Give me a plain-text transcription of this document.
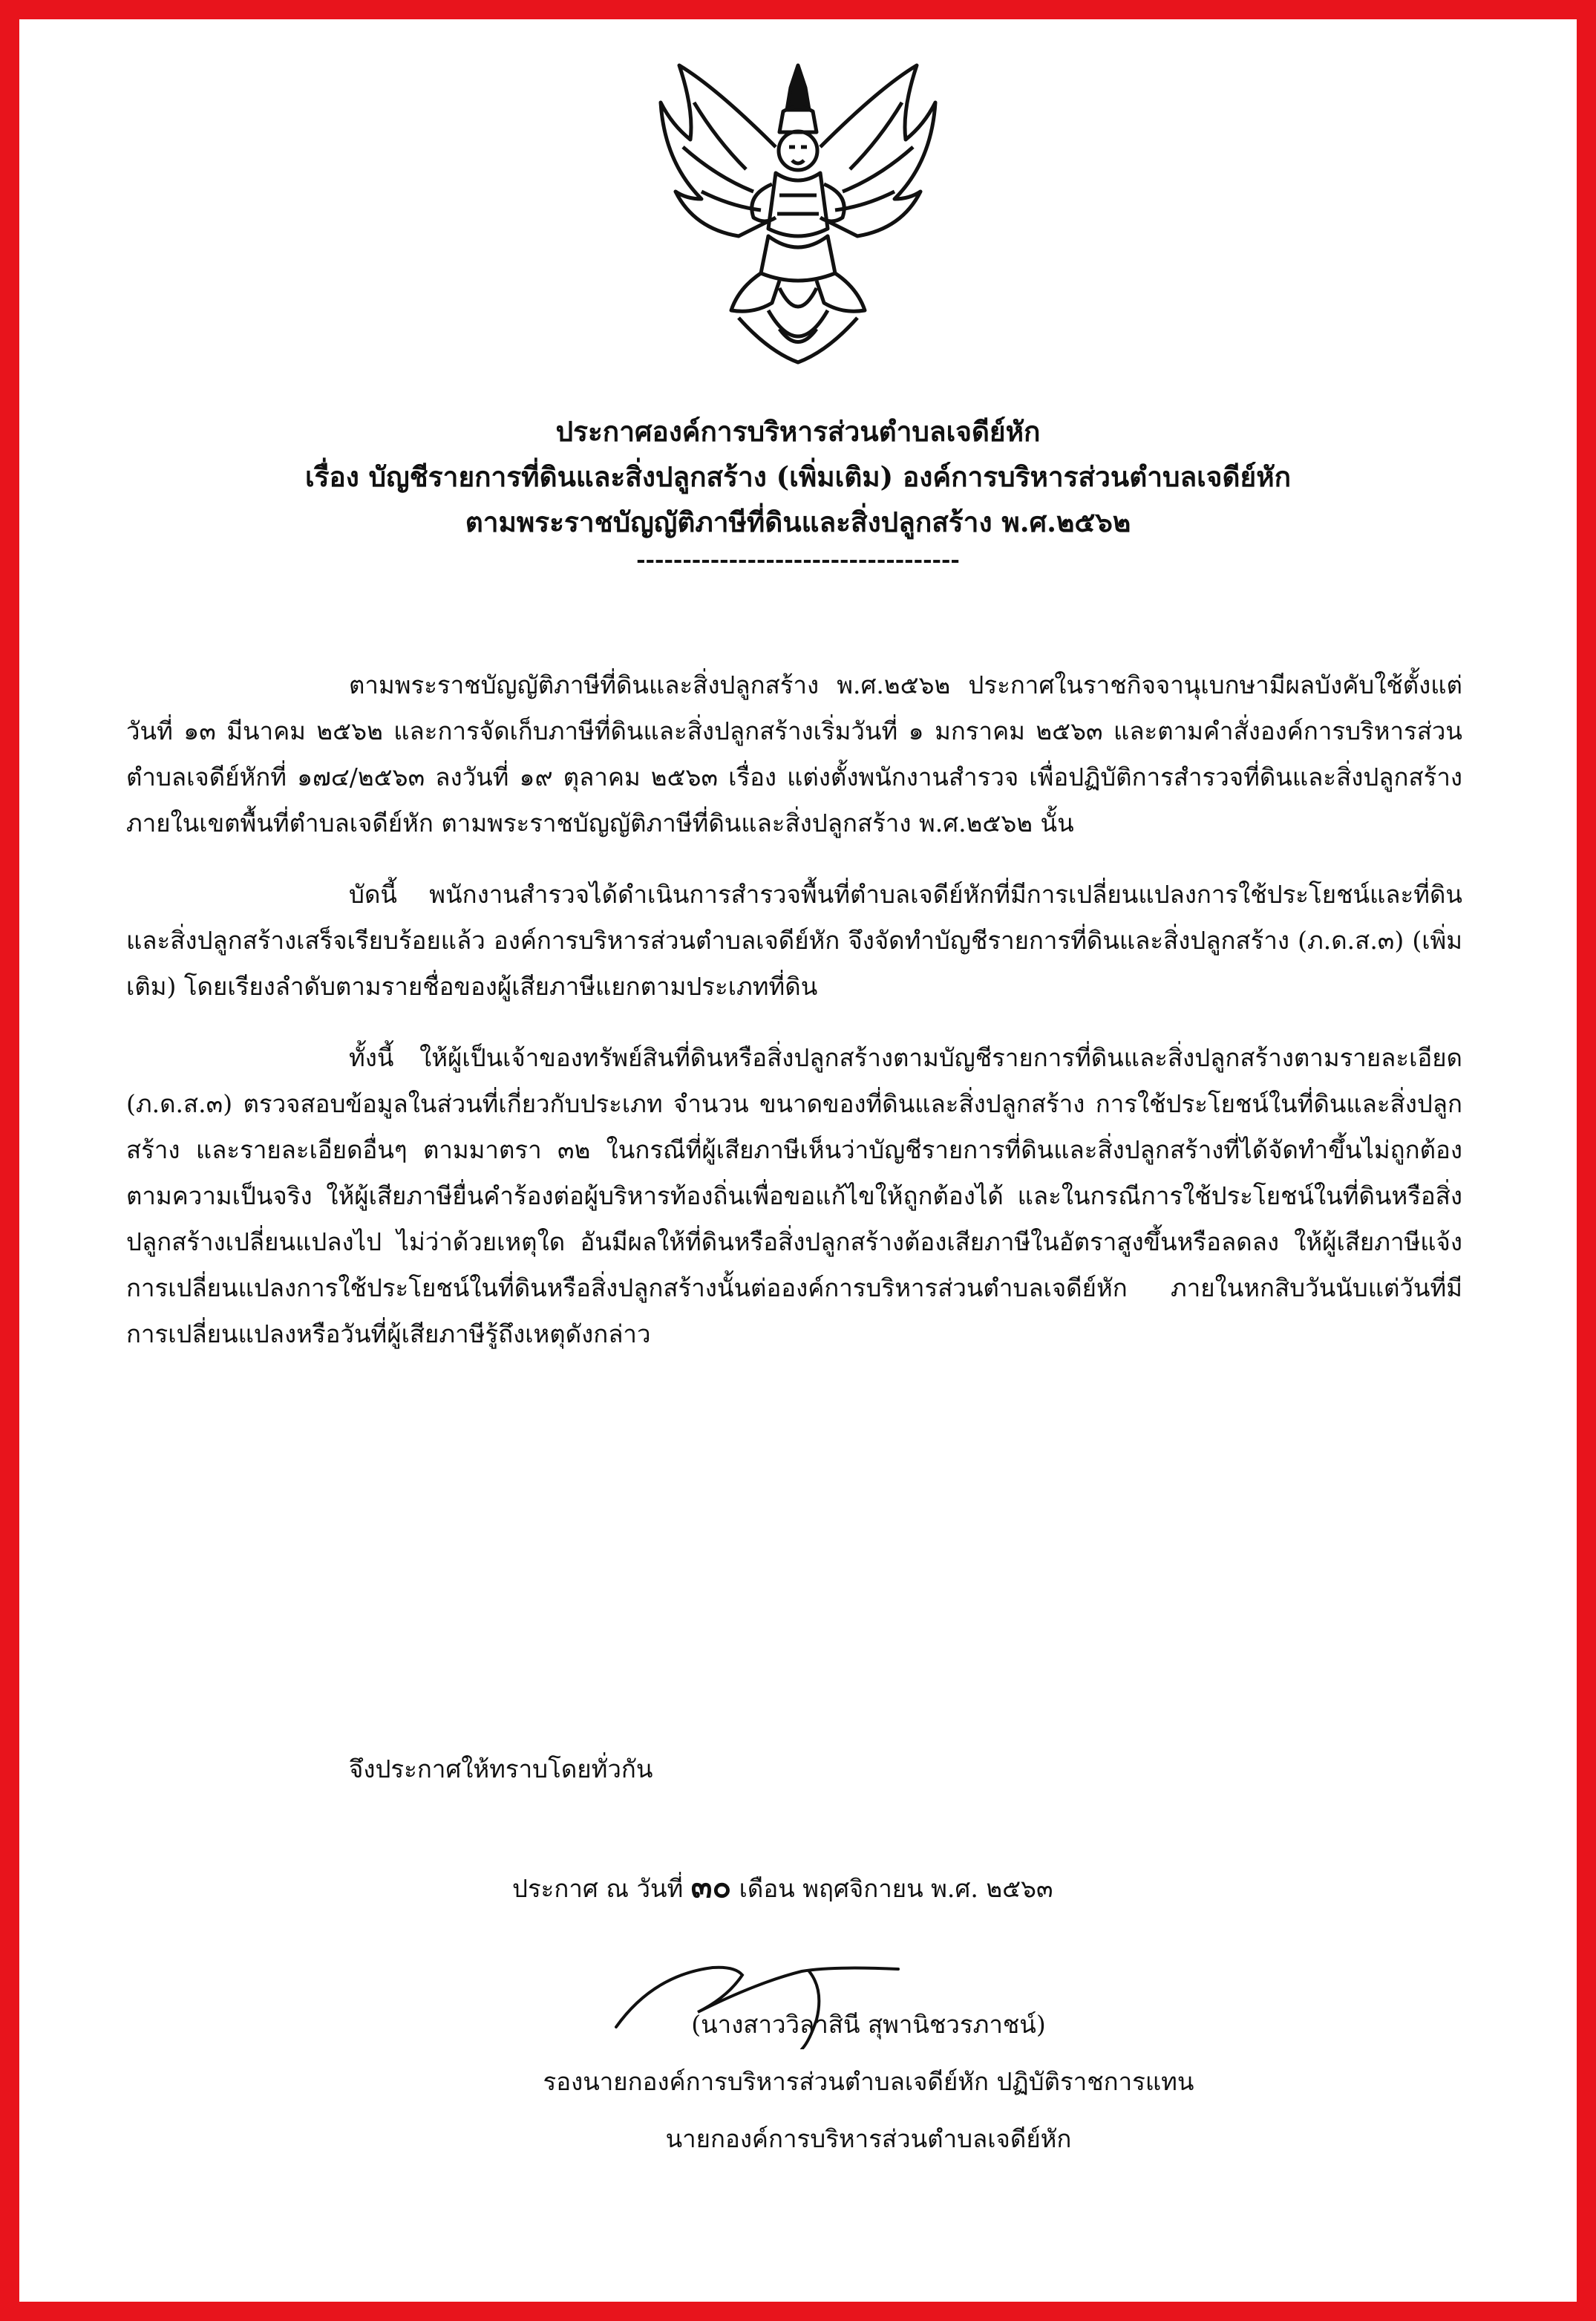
ประกาศองค์การบริหารส่วนตำบลเจดีย์หัก
เรื่อง บัญชีรายการที่ดินและสิ่งปลูกสร้าง (เพิ่มเติม) องค์การบริหารส่วนตำบลเจดีย์หัก
ตามพระราชบัญญัติภาษีที่ดินและสิ่งปลูกสร้าง พ.ศ.๒๕๖๒
-----------------------------------

ตามพระราชบัญญัติภาษีที่ดินและสิ่งปลูกสร้าง พ.ศ.๒๕๖๒ ประกาศในราชกิจจานุเบกษามีผลบังคับใช้ตั้งแต่วันที่ ๑๓ มีนาคม ๒๕๖๒ และการจัดเก็บภาษีที่ดินและสิ่งปลูกสร้างเริ่มวันที่ ๑ มกราคม ๒๕๖๓ และตามคำสั่งองค์การบริหารส่วนตำบลเจดีย์หักที่ ๑๗๔/๒๕๖๓ ลงวันที่ ๑๙ ตุลาคม ๒๕๖๓ เรื่อง แต่งตั้งพนักงานสำรวจ เพื่อปฏิบัติการสำรวจที่ดินและสิ่งปลูกสร้างภายในเขตพื้นที่ตำบลเจดีย์หัก ตามพระราชบัญญัติภาษีที่ดินและสิ่งปลูกสร้าง พ.ศ.๒๕๖๒ นั้น

บัดนี้ พนักงานสำรวจได้ดำเนินการสำรวจพื้นที่ตำบลเจดีย์หักที่มีการเปลี่ยนแปลงการใช้ประโยชน์และที่ดินและสิ่งปลูกสร้างเสร็จเรียบร้อยแล้ว องค์การบริหารส่วนตำบลเจดีย์หัก จึงจัดทำบัญชีรายการที่ดินและสิ่งปลูกสร้าง (ภ.ด.ส.๓) (เพิ่มเติม) โดยเรียงลำดับตามรายชื่อของผู้เสียภาษีแยกตามประเภทที่ดิน

ทั้งนี้ ให้ผู้เป็นเจ้าของทรัพย์สินที่ดินหรือสิ่งปลูกสร้างตามบัญชีรายการที่ดินและสิ่งปลูกสร้างตามรายละเอียด (ภ.ด.ส.๓) ตรวจสอบข้อมูลในส่วนที่เกี่ยวกับประเภท จำนวน ขนาดของที่ดินและสิ่งปลูกสร้าง การใช้ประโยชน์ในที่ดินและสิ่งปลูกสร้าง และรายละเอียดอื่นๆ ตามมาตรา ๓๒ ในกรณีที่ผู้เสียภาษีเห็นว่าบัญชีรายการที่ดินและสิ่งปลูกสร้างที่ได้จัดทำขึ้นไม่ถูกต้องตามความเป็นจริง ให้ผู้เสียภาษียื่นคำร้องต่อผู้บริหารท้องถิ่นเพื่อขอแก้ไขให้ถูกต้องได้ และในกรณีการใช้ประโยชน์ในที่ดินหรือสิ่งปลูกสร้างเปลี่ยนแปลงไป ไม่ว่าด้วยเหตุใด อันมีผลให้ที่ดินหรือสิ่งปลูกสร้างต้องเสียภาษีในอัตราสูงขึ้นหรือลดลง ให้ผู้เสียภาษีแจ้งการเปลี่ยนแปลงการใช้ประโยชน์ในที่ดินหรือสิ่งปลูกสร้างนั้นต่อองค์การบริหารส่วนตำบลเจดีย์หัก ภายในหกสิบวันนับแต่วันที่มีการเปลี่ยนแปลงหรือวันที่ผู้เสียภาษีรู้ถึงเหตุดังกล่าว

จึงประกาศให้ทราบโดยทั่วกัน
ประกาศ ณ วันที่ ๓๐ เดือน พฤศจิกายน พ.ศ. ๒๕๖๓
(นางสาววิลาสินี สุพานิชวรภาชน์)
รองนายกองค์การบริหารส่วนตำบลเจดีย์หัก ปฏิบัติราชการแทน
นายกองค์การบริหารส่วนตำบลเจดีย์หัก
